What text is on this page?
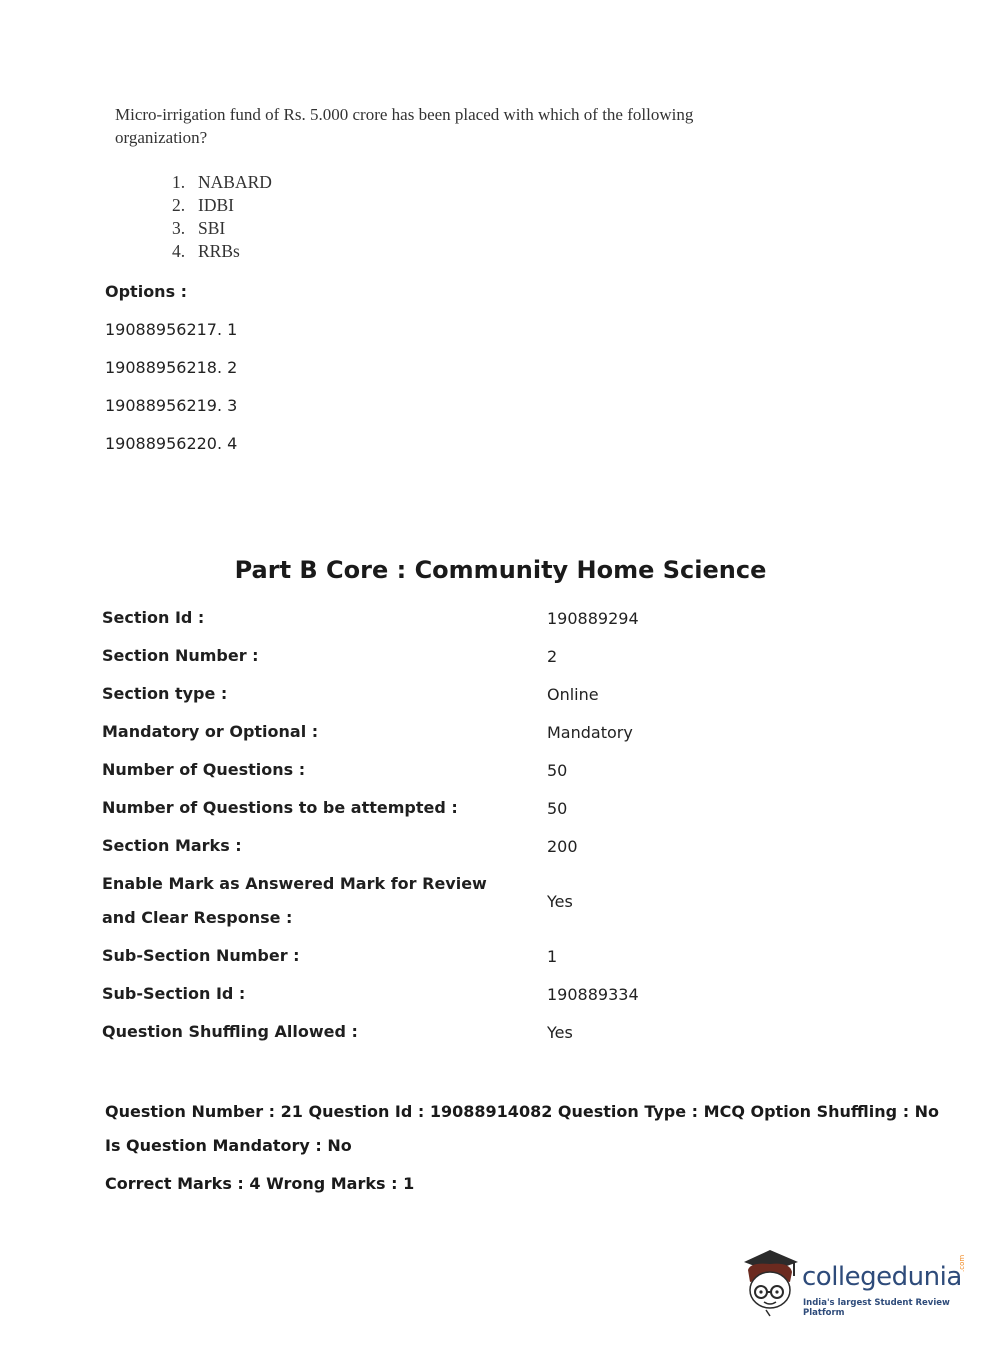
Micro-irrigation fund of Rs. 5.000 crore has been placed with which of the following organization?
1. NABARD
2. IDBI
3. SBI
4. RRBs
Options :
19088956217. 1
19088956218. 2
19088956219. 3
19088956220. 4
Part B Core : Community Home Science
Section Id :	190889294
Section Number :	2
Section type :	Online
Mandatory or Optional :	Mandatory
Number of Questions :	50
Number of Questions to be attempted :	50
Section Marks :	200
Enable Mark as Answered Mark for Review and Clear Response :
Yes
Sub-Section Number :	1
Sub-Section Id :	190889334
Question Shuffling Allowed :	Yes
Question Number : 21 Question Id : 19088914082 Question Type : MCQ Option Shuffling : No
Is Question Mandatory : No
Correct Marks : 4 Wrong Marks : 1
collegedunia
.com
India's largest Student Review Platform
